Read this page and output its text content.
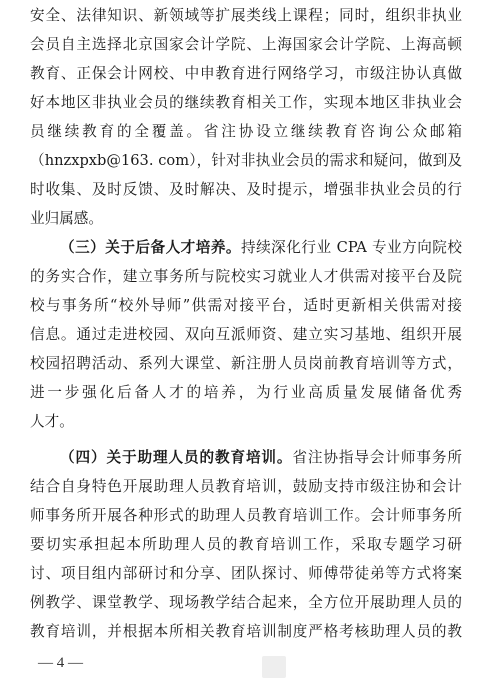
安全、法律知识、新领域等扩展类线上课程；同时，组织非执业
会员自主选择北京国家会计学院、上海国家会计学院、上海高顿
教育、正保会计网校、中申教育进行网络学习，市级注协认真做
好本地区非执业会员的继续教育相关工作，实现本地区非执业会
员继续教育的全覆盖。省注协设立继续教育咨询公众邮箱
（hnzxpxb@163. com），针对非执业会员的需求和疑问，做到及
时收集、及时反馈、及时解决、及时提示，增强非执业会员的行
业归属感。
（三）关于后备人才培养。持续深化行业 CPA 专业方向院校
的务实合作，建立事务所与院校实习就业人才供需对接平台及院
校与事务所“校外导师”供需对接平台，适时更新相关供需对接
信息。通过走进校园、双向互派师资、建立实习基地、组织开展
校园招聘活动、系列大课堂、新注册人员岗前教育培训等方式，
进一步强化后备人才的培养，为行业高质量发展储备优秀
人才。
（四）关于助理人员的教育培训。省注协指导会计师事务所
结合自身特色开展助理人员教育培训，鼓励支持市级注协和会计
师事务所开展各种形式的助理人员教育培训工作。会计师事务所
要切实承担起本所助理人员的教育培训工作，采取专题学习研
讨、项目组内部研讨和分享、团队探讨、师傅带徒弟等方式将案
例教学、课堂教学、现场教学结合起来，全方位开展助理人员的
教育培训，并根据本所相关教育培训制度严格考核助理人员的教
— 4 —
